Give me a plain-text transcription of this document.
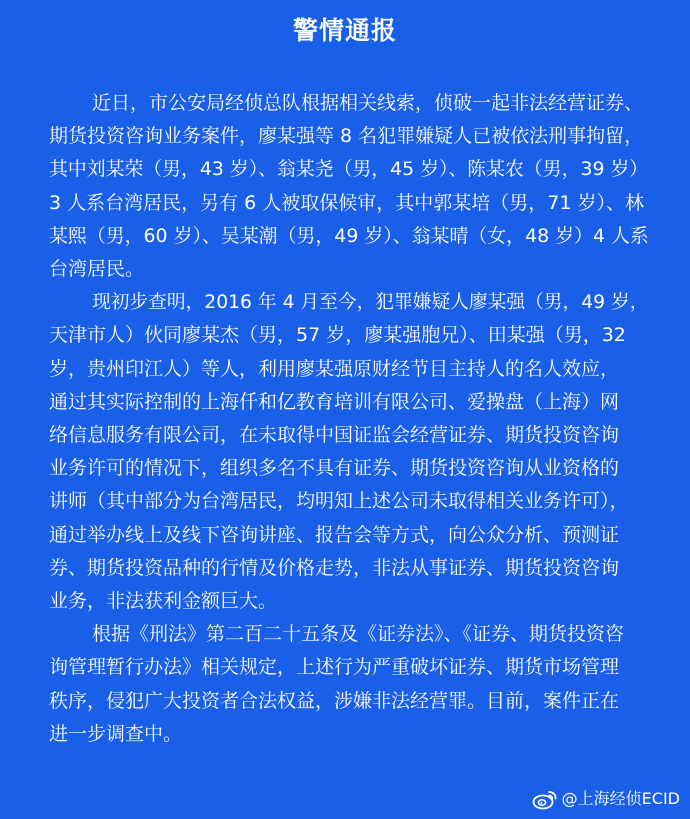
警情通报
近日，市公安局经侦总队根据相关线索，侦破一起非法经营证券、
期货投资咨询业务案件，廖某强等 8 名犯罪嫌疑人已被依法刑事拘留，
其中刘某荣（男，43 岁）、翁某尧（男，45 岁）、陈某农（男，39 岁）
3 人系台湾居民，另有 6 人被取保候审，其中郭某培（男，71 岁）、林
某熙（男，60 岁）、吴某潮（男，49 岁）、翁某晴（女，48 岁）4 人系
台湾居民。
现初步查明，2016 年 4 月至今，犯罪嫌疑人廖某强（男，49 岁，
天津市人）伙同廖某杰（男，57 岁，廖某强胞兄）、田某强（男，32
岁，贵州印江人）等人，利用廖某强原财经节目主持人的名人效应，
通过其实际控制的上海仟和亿教育培训有限公司、爱操盘（上海）网
络信息服务有限公司，在未取得中国证监会经营证券、期货投资咨询
业务许可的情况下，组织多名不具有证券、期货投资咨询从业资格的
讲师（其中部分为台湾居民，均明知上述公司未取得相关业务许可），
通过举办线上及线下咨询讲座、报告会等方式，向公众分析、预测证
券、期货投资品种的行情及价格走势，非法从事证券、期货投资咨询
业务，非法获利金额巨大。
根据《刑法》第二百二十五条及《证券法》、《证券、期货投资咨
询管理暂行办法》相关规定，上述行为严重破坏证券、期货市场管理
秩序，侵犯广大投资者合法权益，涉嫌非法经营罪。目前，案件正在
进一步调查中。
@上海经侦ECID
